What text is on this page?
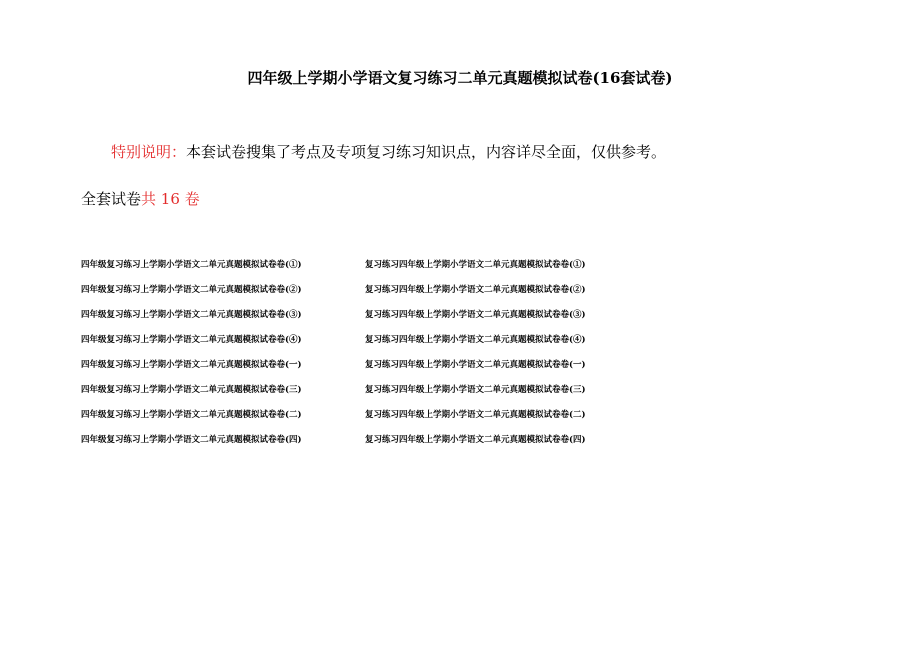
四年级上学期小学语文复习练习二单元真题模拟试卷(16套试卷)
特别说明：本套试卷搜集了考点及专项复习练习知识点，内容详尽全面，仅供参考。
全套试卷共 16 卷
四年级复习练习上学期小学语文二单元真题模拟试卷卷(①)	复习练习四年级上学期小学语文二单元真题模拟试卷卷(①)
四年级复习练习上学期小学语文二单元真题模拟试卷卷(②)	复习练习四年级上学期小学语文二单元真题模拟试卷卷(②)
四年级复习练习上学期小学语文二单元真题模拟试卷卷(③)	复习练习四年级上学期小学语文二单元真题模拟试卷卷(③)
四年级复习练习上学期小学语文二单元真题模拟试卷卷(④)	复习练习四年级上学期小学语文二单元真题模拟试卷卷(④)
四年级复习练习上学期小学语文二单元真题模拟试卷卷(一)	复习练习四年级上学期小学语文二单元真题模拟试卷卷(一)
四年级复习练习上学期小学语文二单元真题模拟试卷卷(三)	复习练习四年级上学期小学语文二单元真题模拟试卷卷(三)
四年级复习练习上学期小学语文二单元真题模拟试卷卷(二)	复习练习四年级上学期小学语文二单元真题模拟试卷卷(二)
四年级复习练习上学期小学语文二单元真题模拟试卷卷(四)	复习练习四年级上学期小学语文二单元真题模拟试卷卷(四)
